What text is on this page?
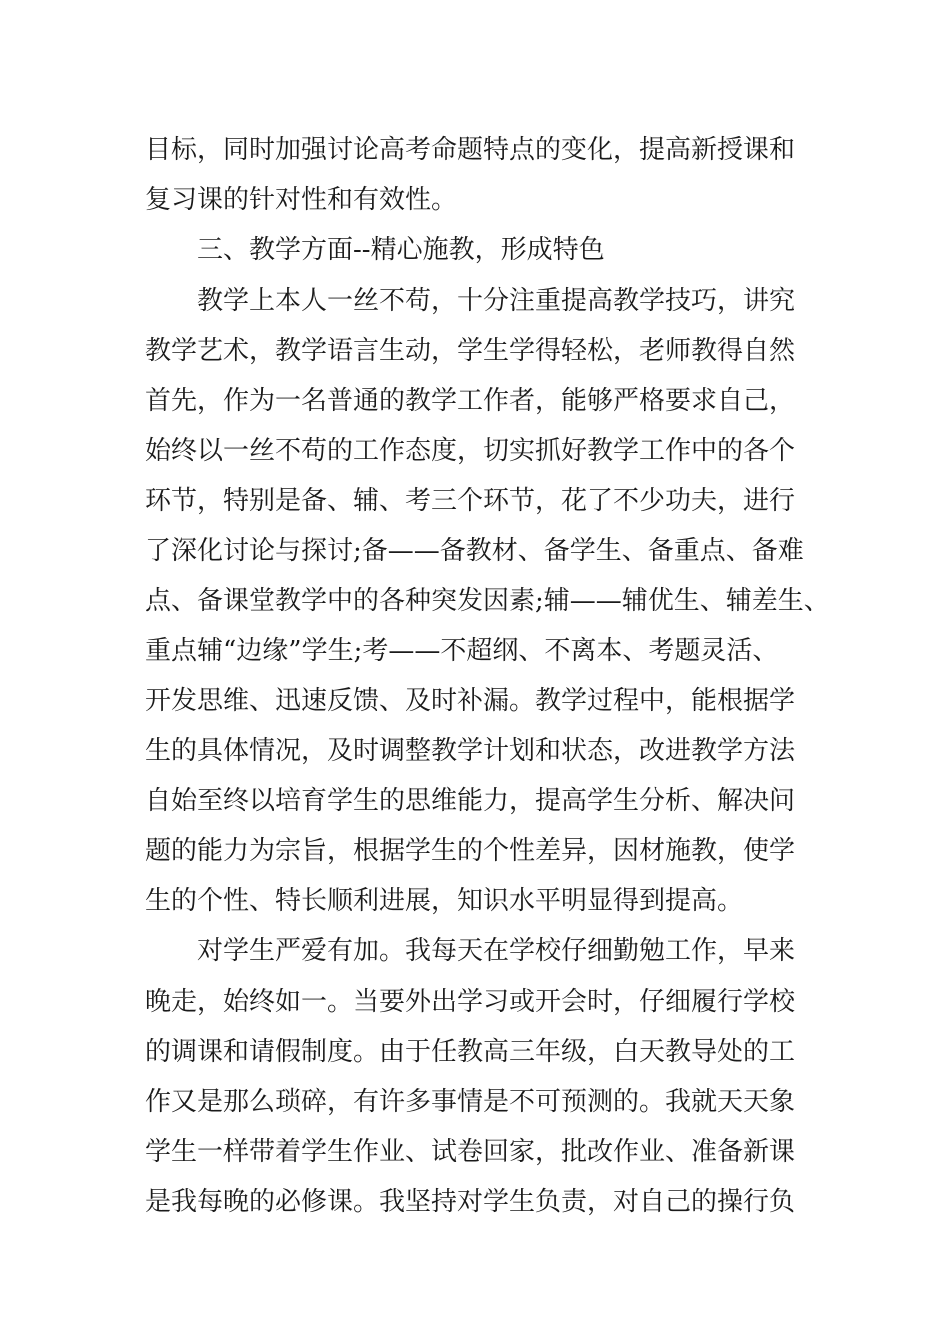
目标，同时加强讨论高考命题特点的变化，提高新授课和
复习课的针对性和有效性。
三、教学方面--精心施教，形成特色
教学上本人一丝不苟，十分注重提高教学技巧，讲究
教学艺术，教学语言生动，学生学得轻松，老师教得自然
首先，作为一名普通的教学工作者，能够严格要求自己，
始终以一丝不苟的工作态度，切实抓好教学工作中的各个
环节，特别是备、辅、考三个环节，花了不少功夫，进行
了深化讨论与探讨;备——备教材、备学生、备重点、备难
点、备课堂教学中的各种突发因素;辅——辅优生、辅差生、
重点辅“边缘”学生;考——不超纲、不离本、考题灵活、
开发思维、迅速反馈、及时补漏。教学过程中，能根据学
生的具体情况，及时调整教学计划和状态，改进教学方法
自始至终以培育学生的思维能力，提高学生分析、解决问
题的能力为宗旨，根据学生的个性差异，因材施教，使学
生的个性、特长顺利进展，知识水平明显得到提高。
对学生严爱有加。我每天在学校仔细勤勉工作，早来
晚走，始终如一。当要外出学习或开会时，仔细履行学校
的调课和请假制度。由于任教高三年级，白天教导处的工
作又是那么琐碎，有许多事情是不可预测的。我就天天象
学生一样带着学生作业、试卷回家，批改作业、准备新课
是我每晚的必修课。我坚持对学生负责，对自己的操行负
